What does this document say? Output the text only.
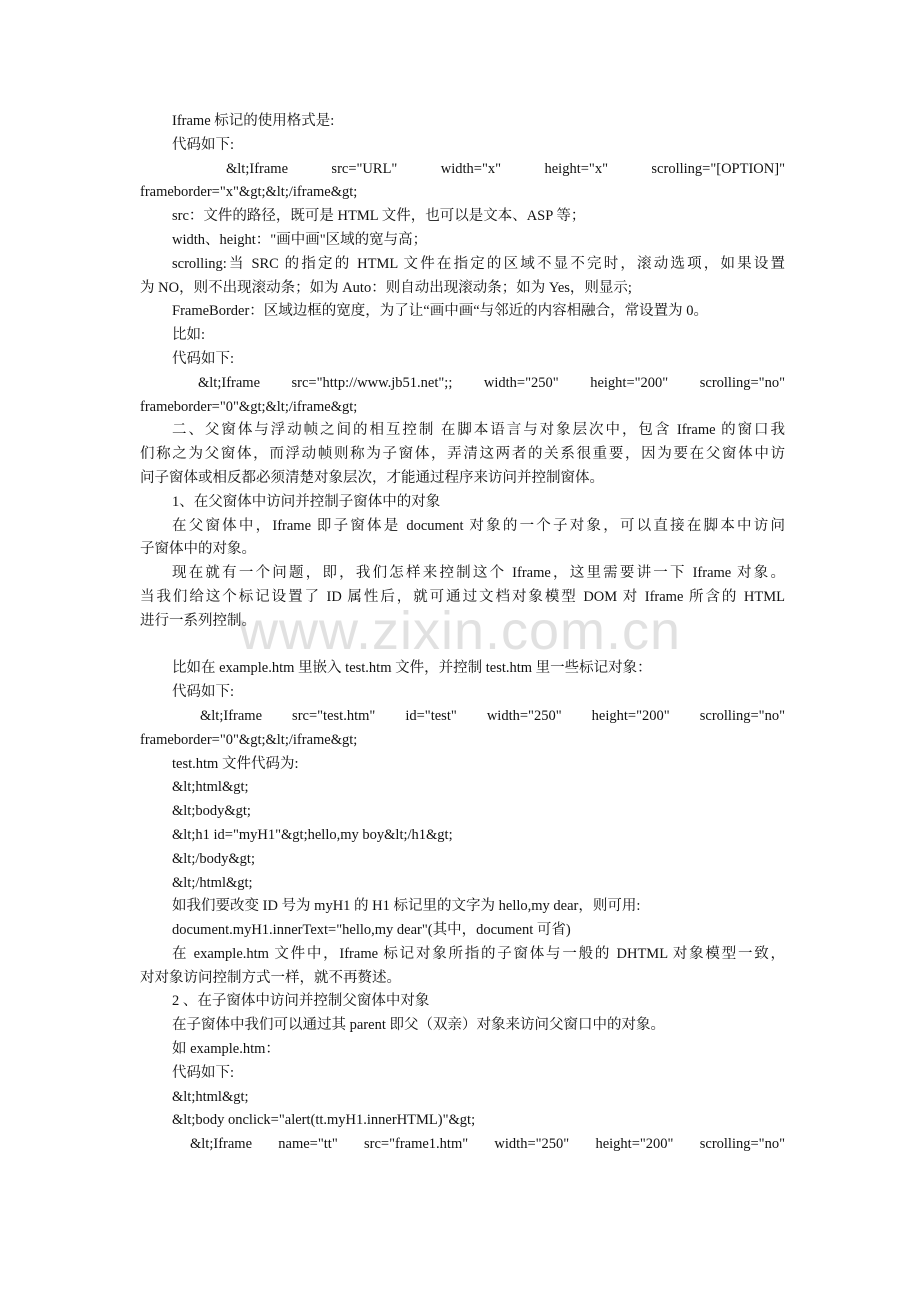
www.zixin.com.cn

Iframe 标记的使用格式是:

代码如下:

&lt;Iframe src="URL" width="x" height="x" scrolling="[OPTION]"

frameborder="x"&gt;&lt;/iframe&gt;

src：文件的路径，既可是 HTML 文件，也可以是文本、ASP 等；

width、height："画中画"区域的宽与高；

scrolling:当 SRC 的指定的 HTML 文件在指定的区域不显不完时，滚动选项，如果设置

为 NO，则不出现滚动条；如为 Auto：则自动出现滚动条；如为 Yes，则显示;

FrameBorder：区域边框的宽度，为了让“画中画“与邻近的内容相融合，常设置为 0。

比如:

代码如下:

&lt;Iframe src="http://www.jb51.net";; width="250" height="200" scrolling="no"

frameborder="0"&gt;&lt;/iframe&gt;

二、父窗体与浮动帧之间的相互控制 在脚本语言与对象层次中，包含 Iframe 的窗口我

们称之为父窗体，而浮动帧则称为子窗体，弄清这两者的关系很重要，因为要在父窗体中访

问子窗体或相反都必须清楚对象层次，才能通过程序来访问并控制窗体。

1、在父窗体中访问并控制子窗体中的对象

在父窗体中，Iframe 即子窗体是 document 对象的一个子对象，可以直接在脚本中访问

子窗体中的对象。

现在就有一个问题，即，我们怎样来控制这个 Iframe，这里需要讲一下 Iframe 对象。

当我们给这个标记设置了 ID 属性后，就可通过文档对象模型 DOM 对 Iframe 所含的 HTML

进行一系列控制。

比如在 example.htm 里嵌入 test.htm 文件，并控制 test.htm 里一些标记对象：

代码如下:

&lt;Iframe src="test.htm" id="test" width="250" height="200" scrolling="no"

frameborder="0"&gt;&lt;/iframe&gt;

test.htm 文件代码为:

&lt;html&gt;

&lt;body&gt;

&lt;h1 id="myH1"&gt;hello,my boy&lt;/h1&gt;

&lt;/body&gt;

&lt;/html&gt;

如我们要改变 ID 号为 myH1 的 H1 标记里的文字为 hello,my dear，则可用:

document.myH1.innerText="hello,my dear"(其中，document 可省)

在 example.htm 文件中，Iframe 标记对象所指的子窗体与一般的 DHTML 对象模型一致，

对对象访问控制方式一样，就不再赘述。

2 、在子窗体中访问并控制父窗体中对象

在子窗体中我们可以通过其 parent 即父（双亲）对象来访问父窗口中的对象。

如 example.htm：

代码如下:

&lt;html&gt;

&lt;body onclick="alert(tt.myH1.innerHTML)"&gt;

&lt;Iframe name="tt" src="frame1.htm" width="250" height="200" scrolling="no"
